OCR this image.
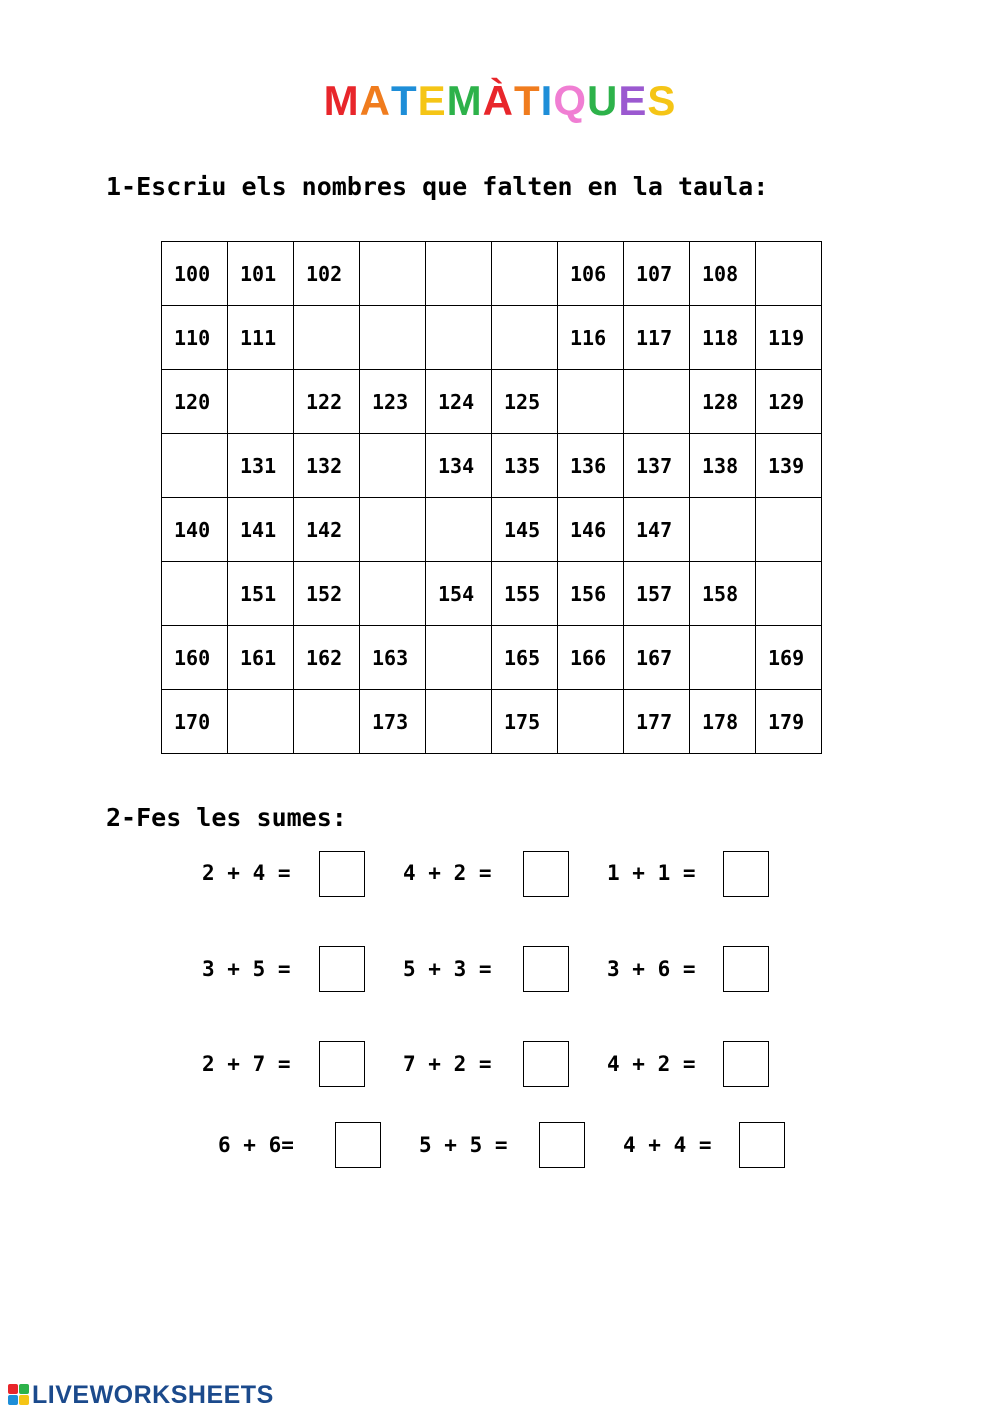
MATEMÀTIQUES
1-Escriu els nombres que falten en la taula:
100	101	102				106	107	108	
110	111					116	117	118	119
120		122	123	124	125			128	129
	131	132		134	135	136	137	138	139
140	141	142			145	146	147		
	151	152		154	155	156	157	158	
160	161	162	163		165	166	167		169
170			173		175		177	178	179
2-Fes les sumes:
2 + 4 =	4 + 2 =	1 + 1 =
3 + 5 =	5 + 3 =	3 + 6 =
2 + 7 =	7 + 2 =	4 + 2 =
6 + 6=	5 + 5 =	4 + 4 =
LIVEWORKSHEETS
